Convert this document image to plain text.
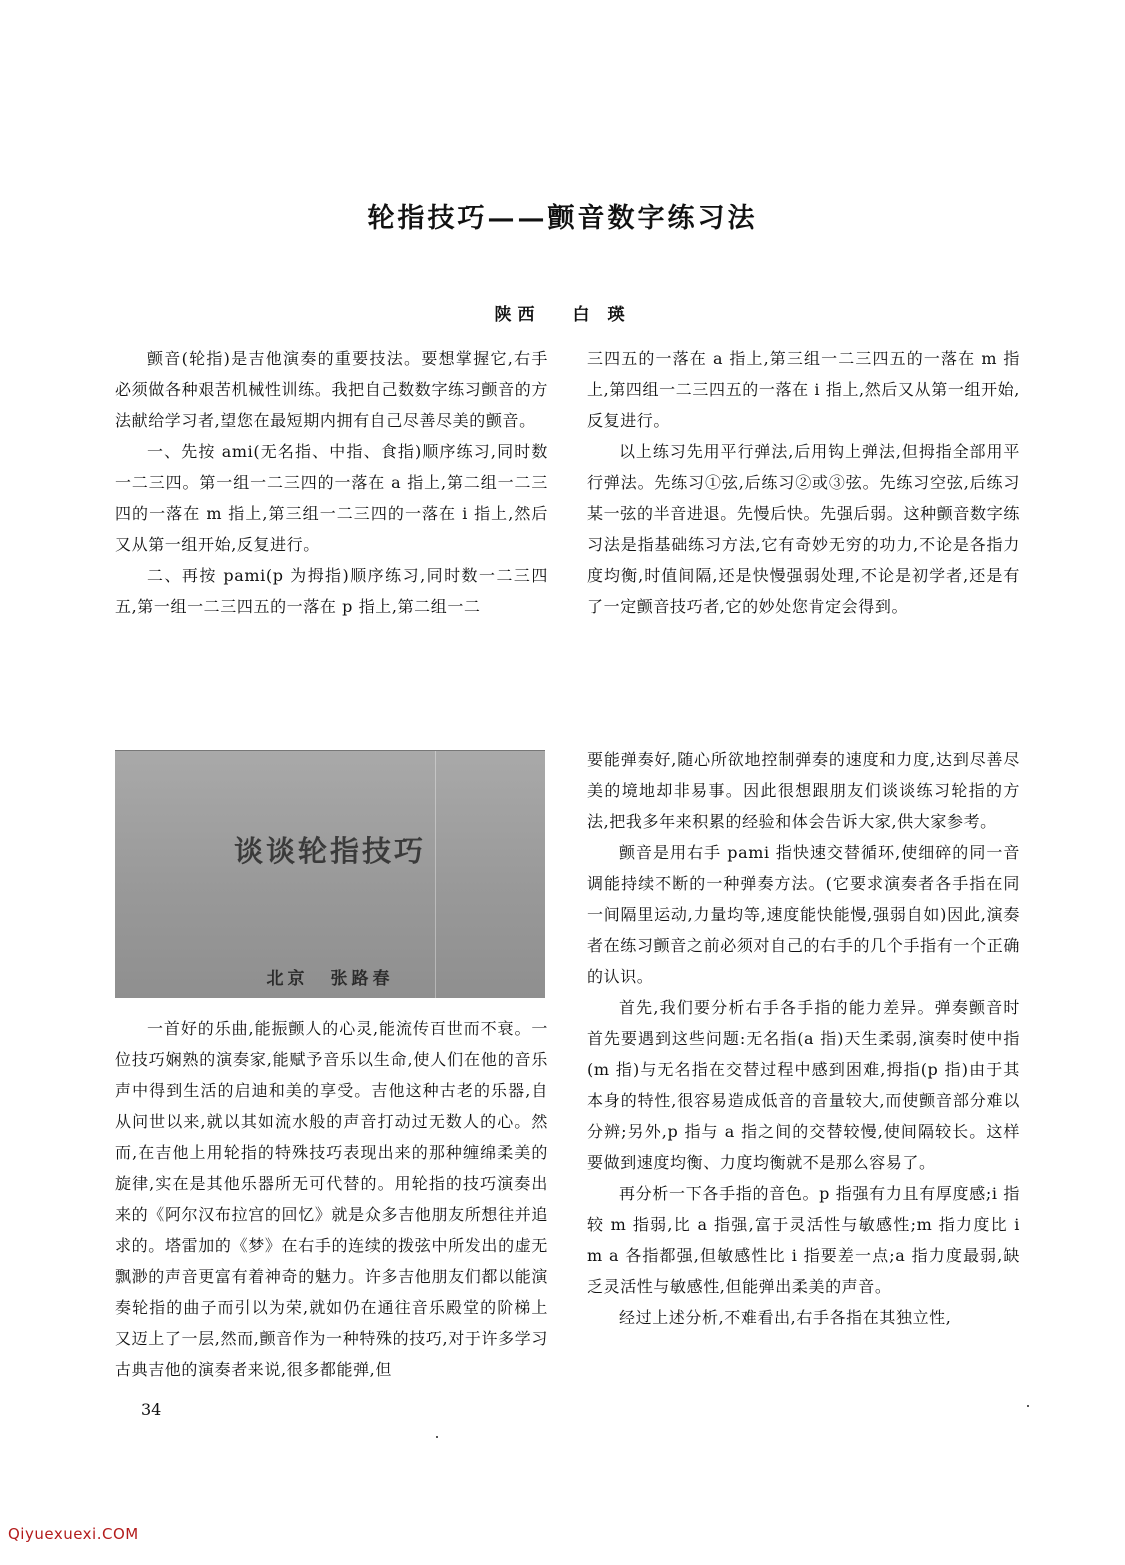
轮指技巧——颤音数字练习法
陕西 白 瑛

颤音(轮指)是吉他演奏的重要技法。要想掌握它,右手必须做各种艰苦机械性训练。我把自己数数字练习颤音的方法献给学习者,望您在最短期内拥有自己尽善尽美的颤音。

一、先按 ami(无名指、中指、食指)顺序练习,同时数一二三四。第一组一二三四的一落在 a 指上,第二组一二三四的一落在 m 指上,第三组一二三四的一落在 i 指上,然后又从第一组开始,反复进行。

二、再按 pami(p 为拇指)顺序练习,同时数一二三四五,第一组一二三四五的一落在 p 指上,第二组一二

三四五的一落在 a 指上,第三组一二三四五的一落在 m 指上,第四组一二三四五的一落在 i 指上,然后又从第一组开始,反复进行。

以上练习先用平行弹法,后用钩上弹法,但拇指全部用平行弹法。先练习①弦,后练习②或③弦。先练习空弦,后练习某一弦的半音进退。先慢后快。先强后弱。这种颤音数字练习法是指基础练习方法,它有奇妙无穷的功力,不论是各指力度均衡,时值间隔,还是快慢强弱处理,不论是初学者,还是有了一定颤音技巧者,它的妙处您肯定会得到。

谈谈轮指技巧
北京 张路春

一首好的乐曲,能振颤人的心灵,能流传百世而不衰。一位技巧娴熟的演奏家,能赋予音乐以生命,使人们在他的音乐声中得到生活的启迪和美的享受。吉他这种古老的乐器,自从问世以来,就以其如流水般的声音打动过无数人的心。然而,在吉他上用轮指的特殊技巧表现出来的那种缠绵柔美的旋律,实在是其他乐器所无可代替的。用轮指的技巧演奏出来的《阿尔汉布拉宫的回忆》就是众多吉他朋友所想往并追求的。塔雷加的《梦》在右手的连续的拨弦中所发出的虚无飘渺的声音更富有着神奇的魅力。许多吉他朋友们都以能演奏轮指的曲子而引以为荣,就如仍在通往音乐殿堂的阶梯上又迈上了一层,然而,颤音作为一种特殊的技巧,对于许多学习古典吉他的演奏者来说,很多都能弹,但

要能弹奏好,随心所欲地控制弹奏的速度和力度,达到尽善尽美的境地却非易事。因此很想跟朋友们谈谈练习轮指的方法,把我多年来积累的经验和体会告诉大家,供大家参考。

颤音是用右手 pami 指快速交替循环,使细碎的同一音调能持续不断的一种弹奏方法。(它要求演奏者各手指在同一间隔里运动,力量均等,速度能快能慢,强弱自如)因此,演奏者在练习颤音之前必须对自己的右手的几个手指有一个正确的认识。

首先,我们要分析右手各手指的能力差异。弹奏颤音时首先要遇到这些问题:无名指(a 指)天生柔弱,演奏时使中指(m 指)与无名指在交替过程中感到困难,拇指(p 指)由于其本身的特性,很容易造成低音的音量较大,而使颤音部分难以分辨;另外,p 指与 a 指之间的交替较慢,使间隔较长。这样要做到速度均衡、力度均衡就不是那么容易了。

再分析一下各手指的音色。p 指强有力且有厚度感;i 指较 m 指弱,比 a 指强,富于灵活性与敏感性;m 指力度比 i m a 各指都强,但敏感性比 i 指要差一点;a 指力度最弱,缺乏灵活性与敏感性,但能弹出柔美的声音。

经过上述分析,不难看出,右手各指在其独立性,

34
Qiyuexuexi.COM
